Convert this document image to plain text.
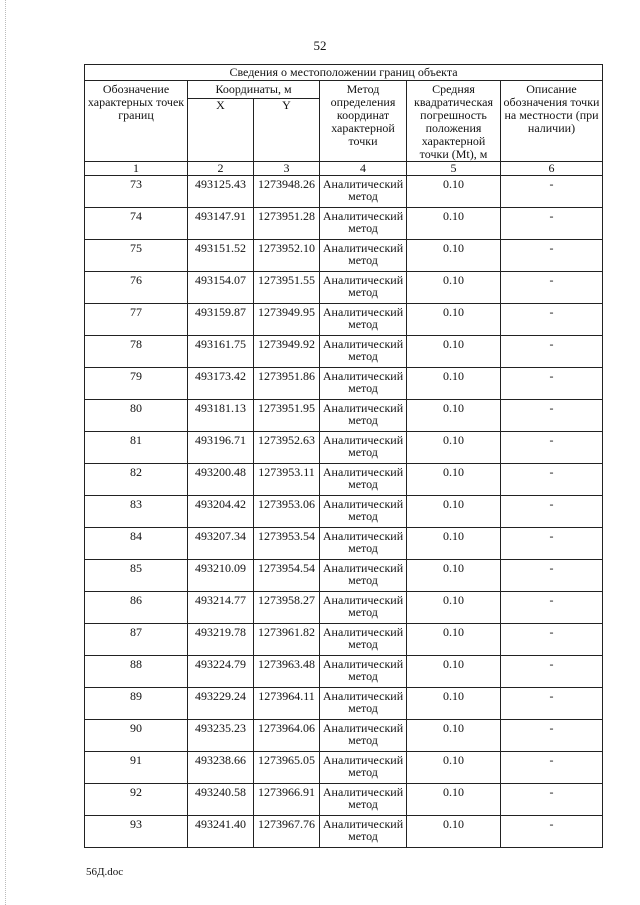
52
Сведения о местоположении границ объекта					
Обозначение характерных точек границ	Координаты, м		Метод определения координат характерной точки	Средняя квадратическая погрешность положения характерной точки (Mt), м	Описание обозначения точки на местности (при наличии)
	X	Y			
1	2	3	4	5	6
73	493125.43	1273948.26	Аналитический метод	0.10	-
74	493147.91	1273951.28	Аналитический метод	0.10	-
75	493151.52	1273952.10	Аналитический метод	0.10	-
76	493154.07	1273951.55	Аналитический метод	0.10	-
77	493159.87	1273949.95	Аналитический метод	0.10	-
78	493161.75	1273949.92	Аналитический метод	0.10	-
79	493173.42	1273951.86	Аналитический метод	0.10	-
80	493181.13	1273951.95	Аналитический метод	0.10	-
81	493196.71	1273952.63	Аналитический метод	0.10	-
82	493200.48	1273953.11	Аналитический метод	0.10	-
83	493204.42	1273953.06	Аналитический метод	0.10	-
84	493207.34	1273953.54	Аналитический метод	0.10	-
85	493210.09	1273954.54	Аналитический метод	0.10	-
86	493214.77	1273958.27	Аналитический метод	0.10	-
87	493219.78	1273961.82	Аналитический метод	0.10	-
88	493224.79	1273963.48	Аналитический метод	0.10	-
89	493229.24	1273964.11	Аналитический метод	0.10	-
90	493235.23	1273964.06	Аналитический метод	0.10	-
91	493238.66	1273965.05	Аналитический метод	0.10	-
92	493240.58	1273966.91	Аналитический метод	0.10	-
93	493241.40	1273967.76	Аналитический метод	0.10	-
56Д.doc
